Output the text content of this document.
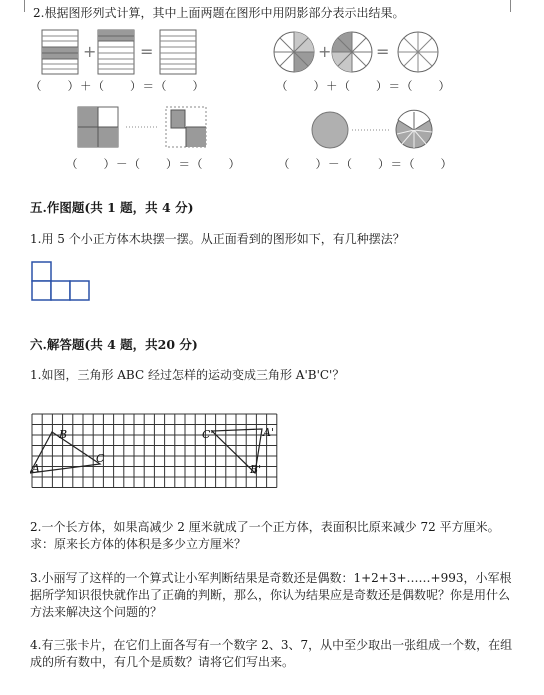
2.根据图形列式计算，其中上面两题在图形中用阴影部分表示出结果。
+	=	+	=
（　　）＋（　　）＝（　　）	（　　）＋（　　）＝（　　）
（　　）－（　　）＝（　　）	（　　）－（　　）＝（　　）
五.作图题(共 1 题，共 4 分)
1.用 5 个小正方体木块摆一摆。从正面看到的图形如下，有几种摆法？
六.解答题(共 4 题，共20 分)
1.如图，三角形 ABC 经过怎样的运动变成三角形 A'B'C'？
A
B
C
A'
B'
C'
2.一个长方体，如果高减少 2 厘米就成了一个正方体，表面积比原来减少 72 平方厘米。求：原来长方体的体积是多少立方厘米？
3.小丽写了这样的一个算式让小军判断结果是奇数还是偶数：1+2+3+……+993，小军根据所学知识很快就作出了正确的判断，那么，你认为结果应是奇数还是偶数呢？你是用什么方法来解决这个问题的？
4.有三张卡片，在它们上面各写有一个数字 2、3、7，从中至少取出一张组成一个数，在组成的所有数中，有几个是质数？请将它们写出来。
